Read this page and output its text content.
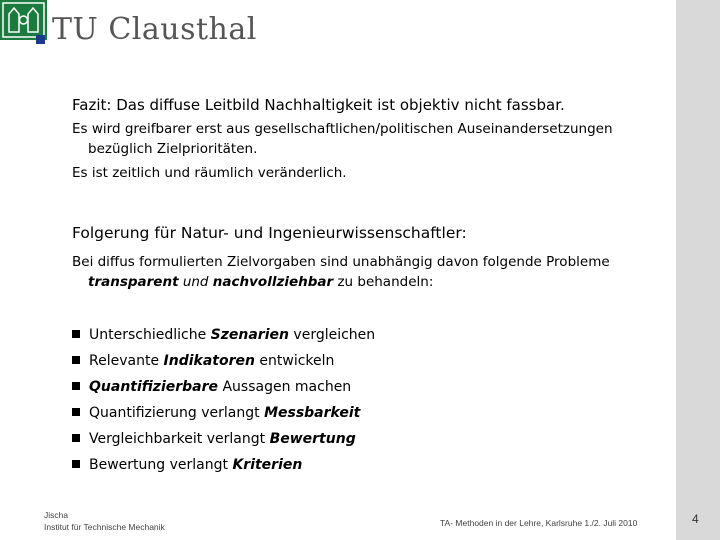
TU Clausthal
Fazit: Das diffuse Leitbild Nachhaltigkeit ist objektiv nicht fassbar.
Es wird greifbarer erst aus gesellschaftlichen/politischen Auseinandersetzungen bezüglich Zielprioritäten.
Es ist zeitlich und räumlich veränderlich.
Folgerung für Natur- und Ingenieurwissenschaftler:
Bei diffus formulierten Zielvorgaben sind unabhängig davon folgende Probleme transparent und nachvollziehbar zu behandeln:
Unterschiedliche Szenarien vergleichen
Relevante Indikatoren entwickeln
Quantifizierbare Aussagen machen
Quantifizierung verlangt Messbarkeit
Vergleichbarkeit verlangt Bewertung
Bewertung verlangt Kriterien
Jischa
Institut für Technische Mechanik	TA- Methoden in der Lehre, Karlsruhe 1./2. Juli 2010	4
